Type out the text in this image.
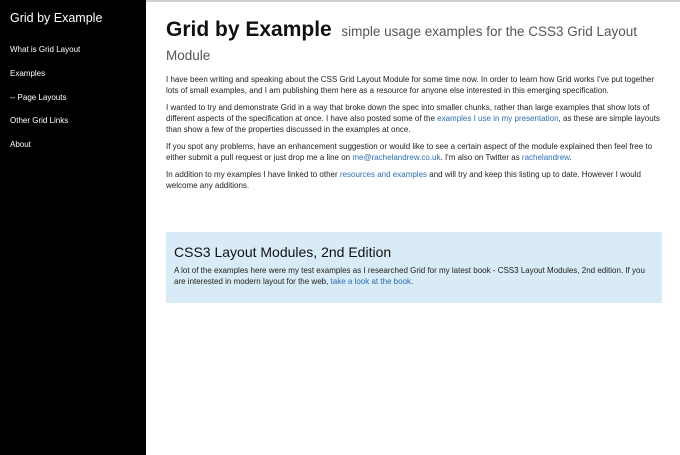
Grid by Example
What is Grid Layout
Examples
-- Page Layouts
Other Grid Links
About
Grid by Example simple usage examples for the CSS3 Grid Layout Module

I have been writing and speaking about the CSS Grid Layout Module for some time now. In order to learn how Grid works I've put together lots of small examples, and I am publishing them here as a resource for anyone else interested in this emerging specification.

I wanted to try and demonstrate Grid in a way that broke down the spec into smaller chunks, rather than large examples that show lots of different aspects of the specification at once. I have also posted some of the examples I use in my presentation, as these are simple layouts than show a few of the properties discussed in the examples at once.

If you spot any problems, have an enhancement suggestion or would like to see a certain aspect of the module explained then feel free to either submit a pull request or just drop me a line on me@rachelandrew.co.uk. I'm also on Twitter as rachelandrew.

In addition to my examples I have linked to other resources and examples and will try and keep this listing up to date. However I would welcome any additions.

CSS3 Layout Modules, 2nd Edition

A lot of the examples here were my test examples as I researched Grid for my latest book - CSS3 Layout Modules, 2nd edition. If you are interested in modern layout for the web, take a look at the book.
